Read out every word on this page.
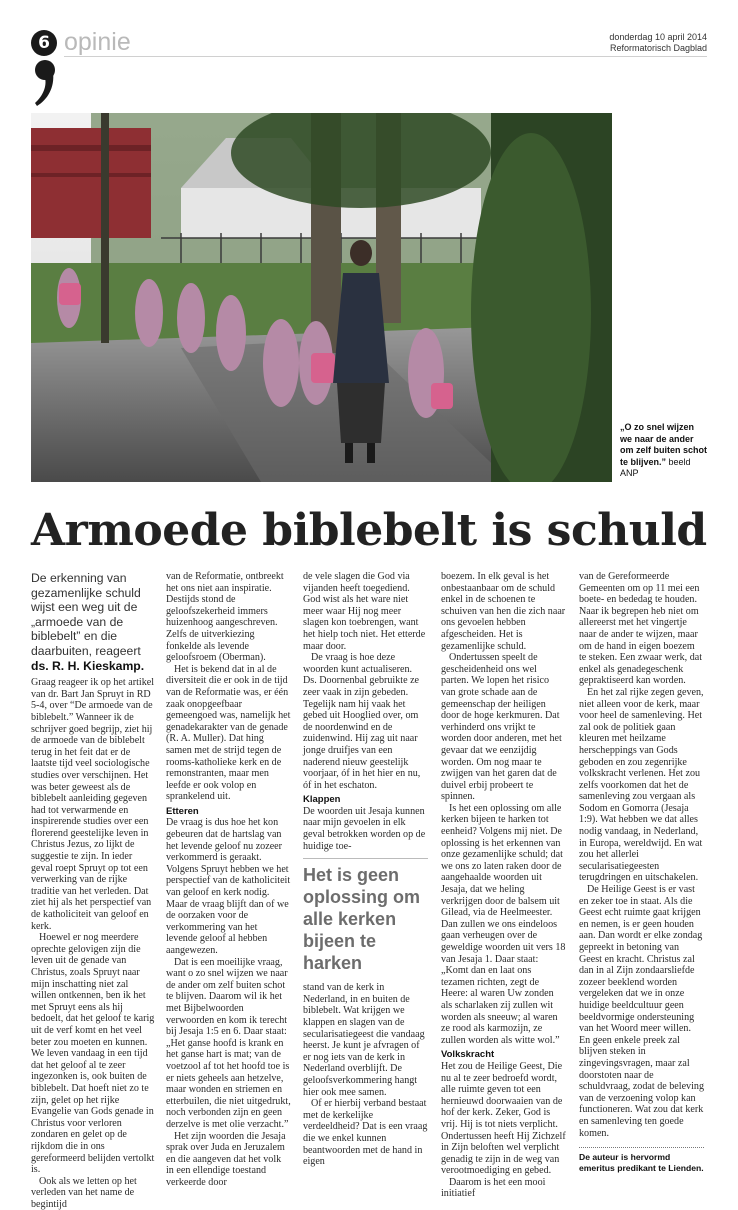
6 opinie	donderdag 10 april 2014
Reformatorisch Dagblad
„O zo snel wijzen we naar de ander om zelf buiten schot te blijven.” beeld ANP
Armoede biblebelt is schuld
De erkenning van gezamenlijke schuld wijst een weg uit de „armoede van de biblebelt” en die daarbuiten, reageert ds. R. H. Kieskamp.

Graag reageer ik op het artikel van dr. Bart Jan Spruyt in RD 5-4, over “De armoede van de biblebelt.” Wanneer ik de schrijver goed begrijp, ziet hij de armoede van de biblebelt terug in het feit dat er de laatste tijd veel sociologische studies over verschijnen. Het was beter geweest als de biblebelt aanleiding gegeven had tot verwarmende en inspirerende studies over een florerend geestelijke leven in Christus Jezus, zo lijkt de suggestie te zijn. In ieder geval roept Spruyt op tot een verwerking van de rijke traditie van het verleden. Dat ziet hij als het perspectief van de katholiciteit van geloof en kerk.

Hoewel er nog meerdere oprechte gelovigen zijn die leven uit de genade van Christus, zoals Spruyt naar mijn inschatting niet zal willen ontkennen, ben ik het met Spruyt eens als hij bedoelt, dat het geloof te karig uit de verf komt en het veel beter zou moeten en kunnen. We leven vandaag in een tijd dat het geloof al te zeer ingezonken is, ook buiten de biblebelt. Dat hoeft niet zo te zijn, gelet op het rijke Evangelie van Gods genade in Christus voor verloren zondaren en gelet op de rijkdom die in ons gereformeerd belijden vertolkt is.

Ook als we letten op het verleden van het name de begintijd

van de Reformatie, ontbreekt het ons niet aan inspiratie. Destijds stond de geloofszekerheid immers huizenhoog aangeschreven. Zelfs de uitverkiezing fonkelde als levende geloofsroem (Oberman).

Het is bekend dat in al de diversiteit die er ook in de tijd van de Reformatie was, er één zaak onopgeefbaar gemeengoed was, namelijk het genadekarakter van de genade (R. A. Muller). Dat hing samen met de strijd tegen de rooms-katholieke kerk en de remonstranten, maar men leefde er ook volop en sprankelend uit.

Etteren

De vraag is dus hoe het kon gebeuren dat de hartslag van het levende geloof nu zozeer verkommerd is geraakt. Volgens Spruyt hebben we het perspectief van de katholiciteit van geloof en kerk nodig. Maar de vraag blijft dan of we de oorzaken voor de verkommering van het levende geloof al hebben aangewezen.

Dat is een moeilijke vraag, want o zo snel wijzen we naar de ander om zelf buiten schot te blijven. Daarom wil ik het met Bijbelwoorden verwoorden en kom ik terecht bij Jesaja 1:5 en 6. Daar staat: „Het ganse hoofd is krank en het ganse hart is mat; van de voetzool af tot het hoofd toe is er niets geheels aan hetzelve, maar wonden en striemen en etterbuilen, die niet uitgedrukt, noch verbonden zijn en geen derzelve is met olie verzacht.”

Het zijn woorden die Jesaja sprak over Juda en Jeruzalem en die aangeven dat het volk in een ellendige toestand verkeerde door

de vele slagen die God via vijanden heeft toegediend. God wist als het ware niet meer waar Hij nog meer slagen kon toebrengen, want het hielp toch niet. Het etterde maar door.

De vraag is hoe deze woorden kunt actualiseren. Ds. Doornenbal gebruikte ze zeer vaak in zijn gebeden. Tegelijk nam hij vaak het gebed uit Hooglied over, om de noordenwind en de zuidenwind. Hij zag uit naar jonge druifjes van een naderend nieuw geestelijk voorjaar, óf in het hier en nu, óf in het eschaton.

Klappen

De woorden uit Jesaja kunnen naar mijn gevoelen in elk geval betrokken worden op de huidige toe-

Het is geen oplossing om alle kerken bijeen te harken

stand van de kerk in Nederland, in en buiten de biblebelt. Wat krijgen we klappen en slagen van de secularisatiegeest die vandaag heerst. Je kunt je afvragen of er nog iets van de kerk in Nederland overblijft. De geloofsverkommering hangt hier ook mee samen.

Of er hierbij verband bestaat met de kerkelijke verdeeldheid? Dat is een vraag die we enkel kunnen beantwoorden met de hand in eigen

boezem. In elk geval is het onbestaanbaar om de schuld enkel in de schoenen te schuiven van hen die zich naar ons gevoelen hebben afgescheiden. Het is gezamenlijke schuld.

Ondertussen speelt de gescheidenheid ons wel parten. We lopen het risico van grote schade aan de gemeenschap der heiligen door de hoge kerkmuren. Dat verhinderd ons vrijkt te worden door anderen, met het gevaar dat we eenzijdig worden. Om nog maar te zwijgen van het garen dat de duivel erbij probeert te spinnen.

Is het een oplossing om alle kerken bijeen te harken tot eenheid? Volgens mij niet. De oplossing is het erkennen van onze gezamenlijke schuld; dat we ons zo laten raken door de aangehaalde woorden uit Jesaja, dat we heling verkrijgen door de balsem uit Gilead, via de Heelmeester. Dan zullen we ons eindeloos gaan verheugen over de geweldige woorden uit vers 18 van Jesaja 1. Daar staat: „Komt dan en laat ons tezamen richten, zegt de Heere: al waren Uw zonden als scharlaken zij zullen wit worden als sneeuw; al waren ze rood als karmozijn, ze zullen worden als witte wol.”

Volkskracht

Het zou de Heilige Geest, Die nu al te zeer bedroefd wordt, alle ruimte geven tot een hernieuwd doorwaaien van de hof der kerk. Zeker, God is vrij. Hij is tot niets verplicht. Ondertussen heeft Hij Zichzelf in Zijn beloften wel verplicht genadig te zijn in de weg van verootmoediging en gebed.

Daarom is het een mooi initiatief

van de Gereformeerde Gemeenten om op 11 mei een boete- en bededag te houden. Naar ik begrepen heb niet om allereerst met het vingertje naar de ander te wijzen, maar om de hand in eigen boezem te steken. Een zwaar werk, dat enkel als genadegeschenk gepraktiseerd kan worden.

En het zal rijke zegen geven, niet alleen voor de kerk, maar voor heel de samenleving. Het zal ook de politiek gaan kleuren met heilzame herscheppings van Gods geboden en zou zegenrijke volkskracht verlenen. Het zou zelfs voorkomen dat het de samenleving zou vergaan als Sodom en Gomorra (Jesaja 1:9). Wat hebben we dat alles nodig vandaag, in Nederland, in Europa, wereldwijd. En wat zou het allerlei secularisatiegeesten terugdringen en uitschakelen.

De Heilige Geest is er vast en zeker toe in staat. Als die Geest echt ruimte gaat krijgen en nemen, is er geen houden aan. Dan wordt er elke zondag gepreekt in betoning van Geest en kracht. Christus zal dan in al Zijn zondaarsliefde zozeer beeklend worden vergeleken dat we in onze huidige beeldcultuur geen beeldvormige ondersteuning van het Woord meer willen. En geen enkele preek zal blijven steken in zingevingsvragen, maar zal doorstoten naar de schuldvraag, zodat de beleving van de verzoening volop kan functioneren. Wat zou dat kerk en samenleving ten goede komen.

De auteur is hervormd emeritus predikant te Lienden.
